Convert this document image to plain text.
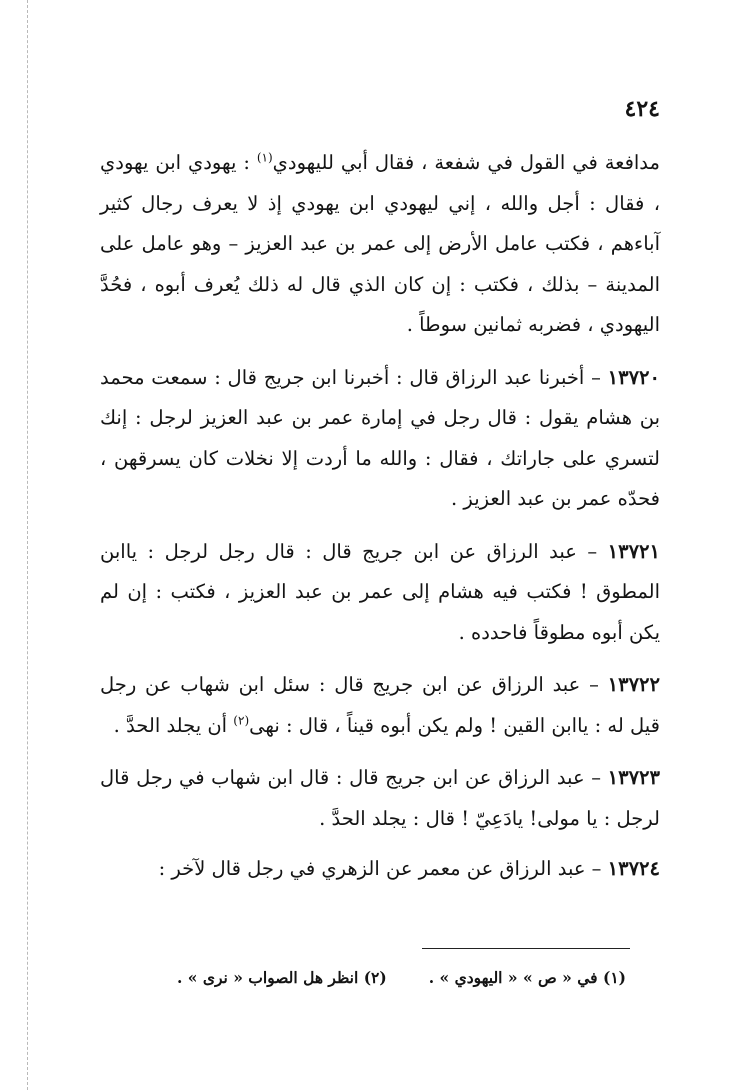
٤٢٤

مدافعة في القول في شفعة ، فقال أبي لليهودي$^{(١)}$ : يهودي ابن يهودي ، فقال : أجل والله ، إني ليهودي ابن يهودي إذ لا يعرف رجال كثير آباءهم ، فكتب عامل الأرض إلى عمر بن عبد العزيز – وهو عامل على المدينة – بذلك ، فكتب : إن كان الذي قال له ذلك يُعرف أبوه ، فحُدَّ اليهودي ، فضربه ثمانين سوطاً .

١٣٧٢٠ – أخبرنا عبد الرزاق قال : أخبرنا ابن جريج قال : سمعت محمد بن هشام يقول : قال رجل في إمارة عمر بن عبد العزيز لرجل : إنك لتسري على جاراتك ، فقال : والله ما أردت إلا نخلات كان يسرقهن ، فحدّه عمر بن عبد العزيز .

١٣٧٢١ – عبد الرزاق عن ابن جريج قال : قال رجل لرجل : ياابن المطوق ! فكتب فيه هشام إلى عمر بن عبد العزيز ، فكتب : إن لم يكن أبوه مطوقاً فاحدده .

١٣٧٢٢ – عبد الرزاق عن ابن جريج قال : سئل ابن شهاب عن رجل قيل له : ياابن القين ! ولم يكن أبوه قيناً ، قال : نهى$^{(٢)}$ أن يجلد الحدَّ .

١٣٧٢٣ – عبد الرزاق عن ابن جريج قال : قال ابن شهاب في رجل قال لرجل : يا مولى! يادَعِيّ ! قال : يجلد الحدَّ .

١٣٧٢٤ – عبد الرزاق عن معمر عن الزهري في رجل قال لآخر :

(١) في « ص » « اليهودي » .(٢) انظر هل الصواب « نرى » .
